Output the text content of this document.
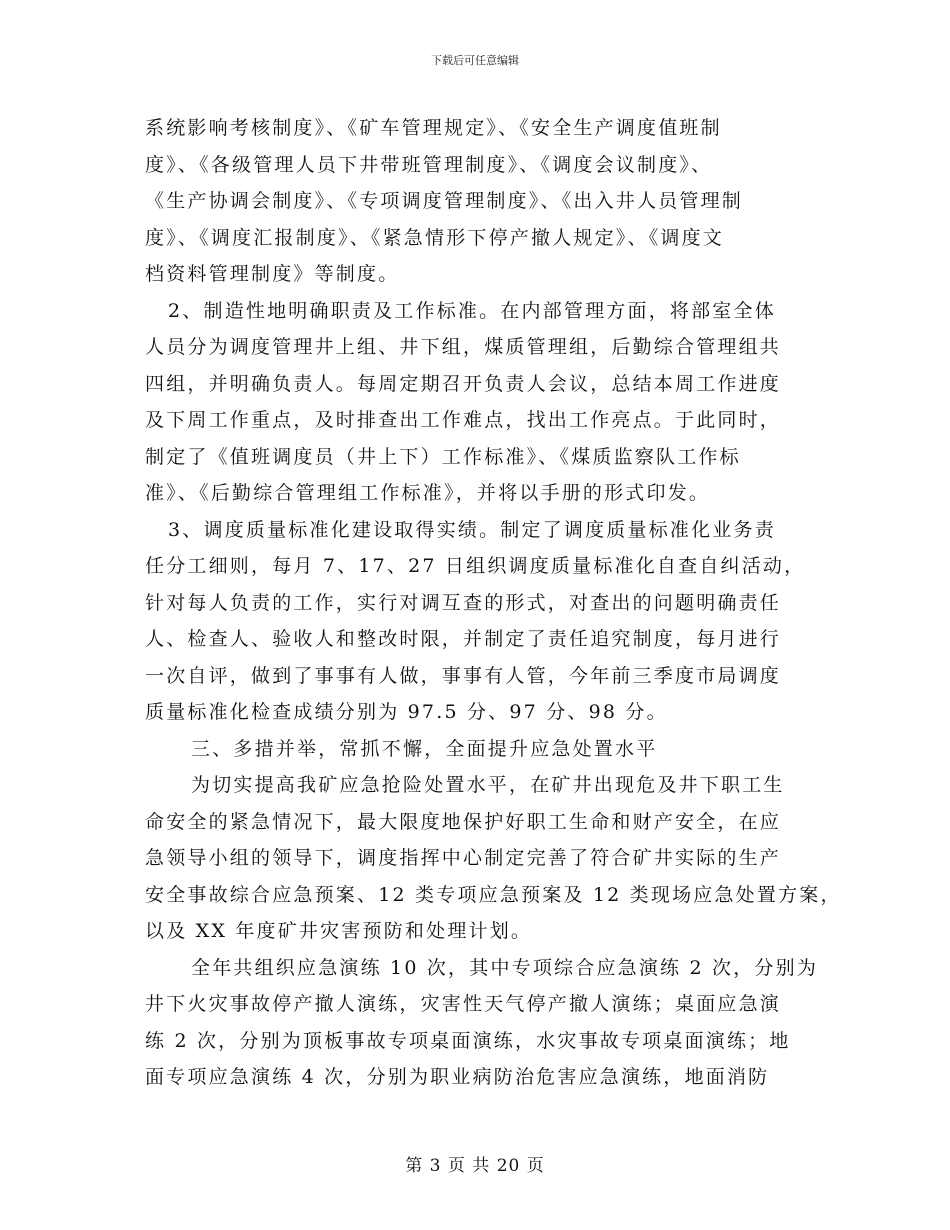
下载后可任意编辑
系统影响考核制度》、《矿车管理规定》、《安全生产调度值班制
度》、《各级管理人员下井带班管理制度》、《调度会议制度》、
《生产协调会制度》、《专项调度管理制度》、《出入井人员管理制
度》、《调度汇报制度》、《紧急情形下停产撤人规定》、《调度文
档资料管理制度》等制度。
2、制造性地明确职责及工作标准。在内部管理方面，将部室全体
人员分为调度管理井上组、井下组，煤质管理组，后勤综合管理组共
四组，并明确负责人。每周定期召开负责人会议，总结本周工作进度
及下周工作重点，及时排查出工作难点，找出工作亮点。于此同时，
制定了《值班调度员（井上下）工作标准》、《煤质监察队工作标
准》、《后勤综合管理组工作标准》，并将以手册的形式印发。
3、调度质量标准化建设取得实绩。制定了调度质量标准化业务责
任分工细则，每月 7、17、27 日组织调度质量标准化自查自纠活动，
针对每人负责的工作，实行对调互查的形式，对查出的问题明确责任
人、检查人、验收人和整改时限，并制定了责任追究制度，每月进行
一次自评，做到了事事有人做，事事有人管，今年前三季度市局调度
质量标准化检查成绩分别为 97.5 分、97 分、98 分。
三、多措并举，常抓不懈，全面提升应急处置水平
为切实提高我矿应急抢险处置水平，在矿井出现危及井下职工生
命安全的紧急情况下，最大限度地保护好职工生命和财产安全，在应
急领导小组的领导下，调度指挥中心制定完善了符合矿井实际的生产
安全事故综合应急预案、12 类专项应急预案及 12 类现场应急处置方案，
以及 XX 年度矿井灾害预防和处理计划。
全年共组织应急演练 10 次，其中专项综合应急演练 2 次，分别为
井下火灾事故停产撤人演练，灾害性天气停产撤人演练；桌面应急演
练 2 次，分别为顶板事故专项桌面演练，水灾事故专项桌面演练；地
面专项应急演练 4 次，分别为职业病防治危害应急演练，地面消防
第 3 页 共 20 页
